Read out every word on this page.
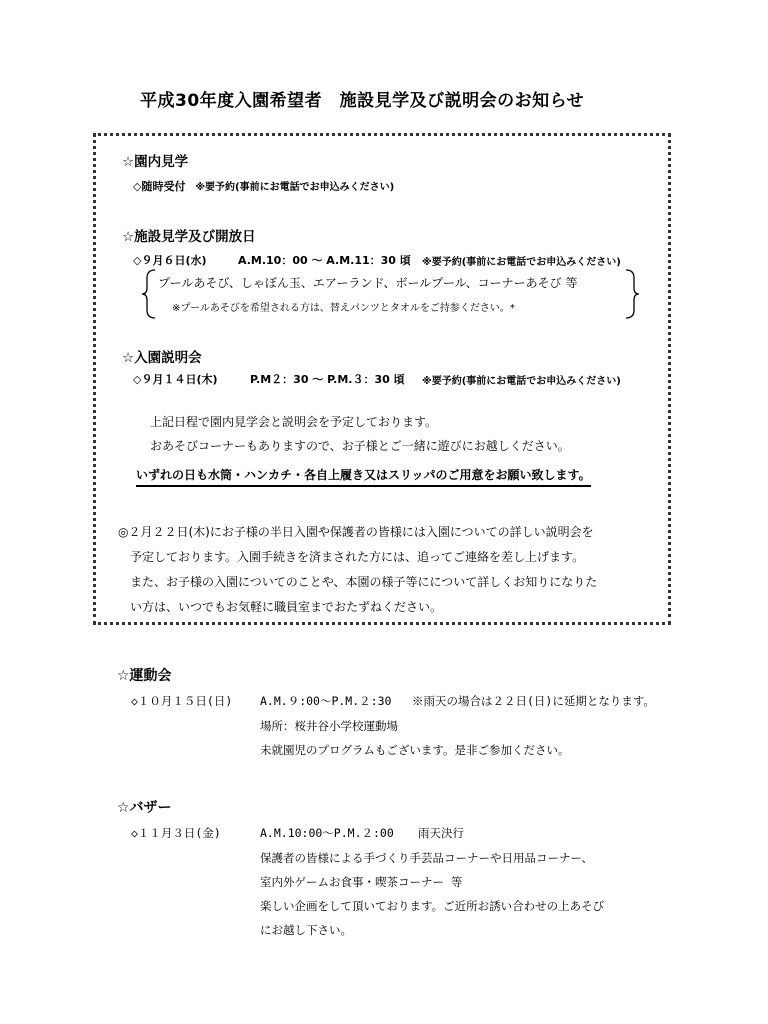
平成30年度入園希望者　施設見学及び説明会のお知らせ
☆園内見学
◇随時受付 ※要予約(事前にお電話でお申込みください)
☆施設見学及び開放日
◇９月６日(水)	A.M.10：00 ～ A.M.11：30 頃 ※要予約(事前にお電話でお申込みください)
プールあそび、しゃぼん玉、エアーランド、ボールプール、コーナーあそび 等
※プールあそびを希望される方は、替えパンツとタオルをご持参ください。*
☆入園説明会
◇９月１４日(木)	P.M２：30 ～ P.M.３：30 頃 ※要予約(事前にお電話でお申込みください)
上記日程で園内見学会と説明会を予定しております。
おあそびコーナーもありますので、お子様とご一緒に遊びにお越しください。
いずれの日も水筒・ハンカチ・各自上履き又はスリッパのご用意をお願い致します。
◎２月２２日(木)にお子様の半日入園や保護者の皆様には入園についての詳しい説明会を
予定しております。入園手続きを済まされた方には、追ってご連絡を差し上げます。
また、お子様の入園についてのことや、本園の様子等にについて詳しくお知りになりた
い方は、いつでもお気軽に職員室までおたずねください。
☆運動会
◇１０月１５日(日) A.M.９:00～P.M.２:30 ※雨天の場合は２２日(日)に延期となります。
場所：桜井谷小学校運動場
未就園児のプログラムもございます。是非ご参加ください。
☆バザー
◇１１月３日(金)	A.M.10:00～P.M.２:00 雨天決行
保護者の皆様による手づくり手芸品コーナーや日用品コーナー、
室内外ゲームお食事・喫茶コーナー 等
楽しい企画をして頂いております。ご近所お誘い合わせの上あそび
にお越し下さい。
